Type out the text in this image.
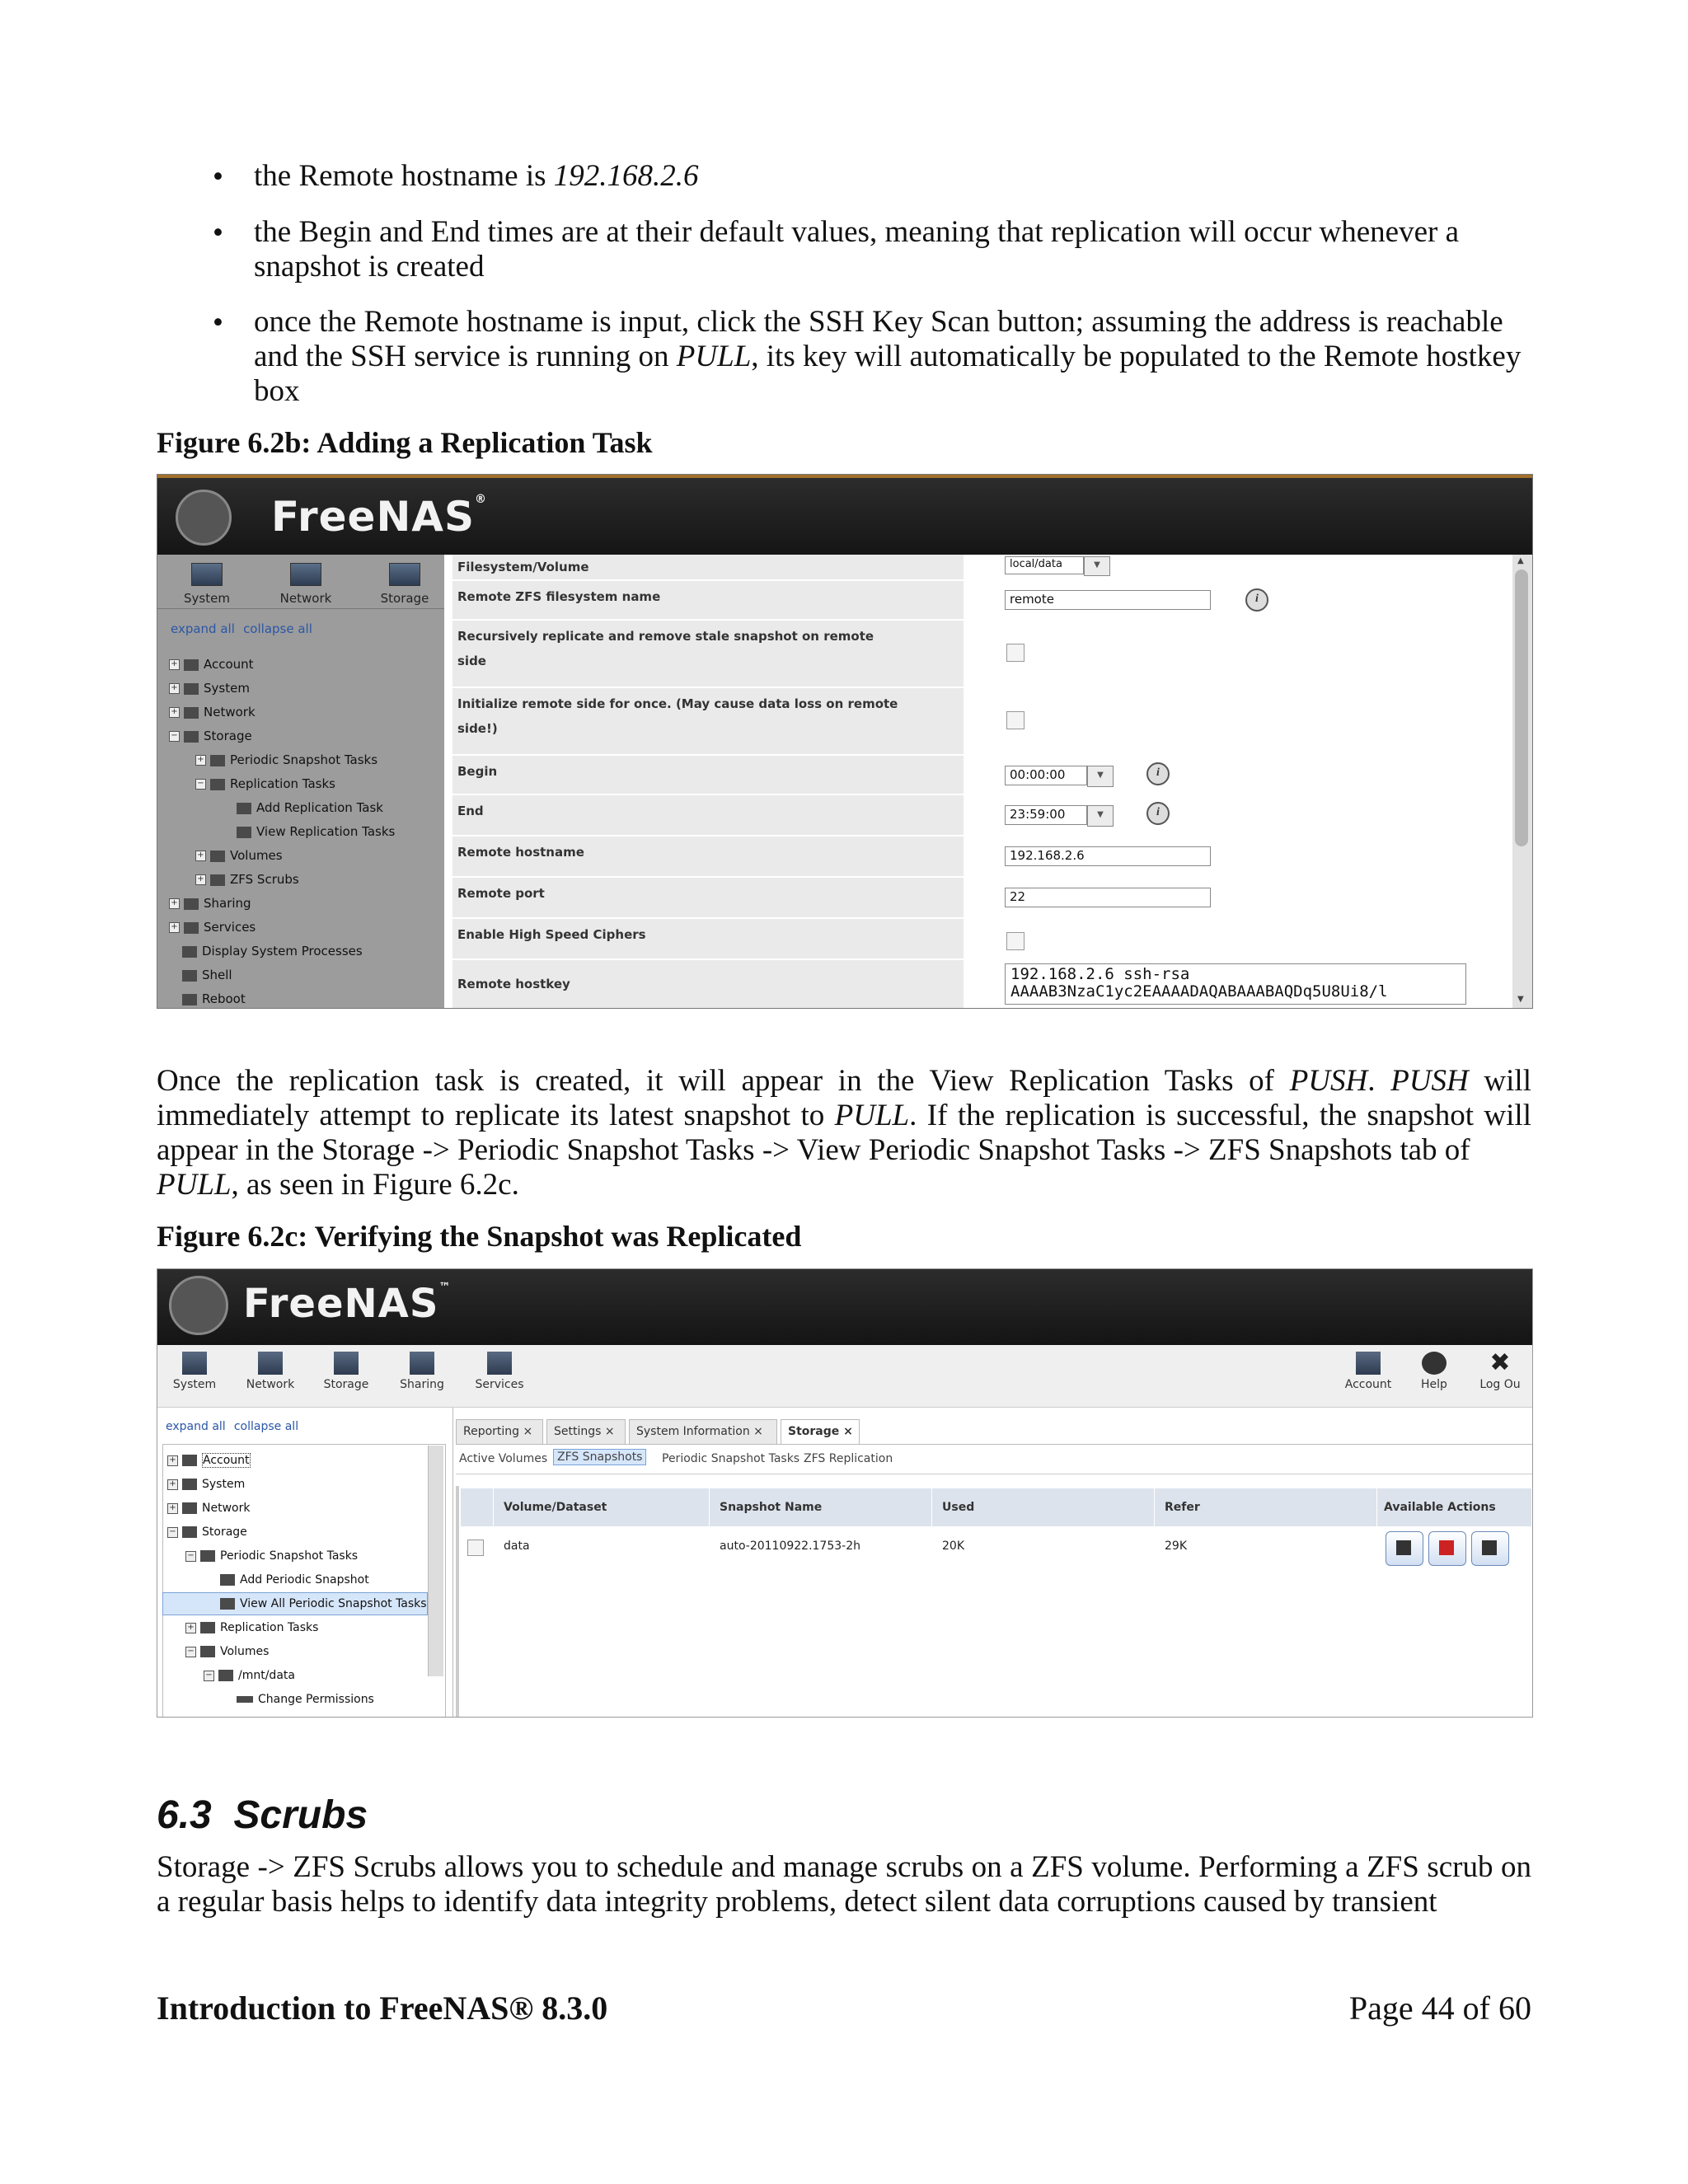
• the Remote hostname is 192.168.2.6
• the Begin and End times are at their default values, meaning that replication will occur whenever a
snapshot is created
• once the Remote hostname is input, click the SSH Key Scan button; assuming the address is reachable
and the SSH service is running on PULL, its key will automatically be populated to the Remote hostkey
box
Figure 6.2b: Adding a Replication Task
FreeNAS®
System	Network	Storage
expand all collapse all
+ Account
+ System
+ Network
− Storage
+ Periodic Snapshot Tasks
− Replication Tasks
Add Replication Task
View Replication Tasks
+ Volumes
+ ZFS Scrubs
+ Sharing
+ Services
Display System Processes
Shell
Reboot
Filesystem/Volume	local/data	▼
Remote ZFS filesystem name	remote	i
Recursively replicate and remove stale snapshot on remote
side
Initialize remote side for once. (May cause data loss on remote
side!)
Begin	00:00:00	▼	i
End	23:59:00	▼	i
Remote hostname	192.168.2.6
Remote port	22
Enable High Speed Ciphers
Remote hostkey
192.168.2.6 ssh-rsa
AAAAB3NzaC1yc2EAAAADAQABAAABAQDq5U8Ui8/l
▲
▼
Once the replication task is created, it will appear in the View Replication Tasks of PUSH. PUSH will immediately attempt to replicate its latest snapshot to PULL. If the replication is successful, the snapshot will appear in the Storage -> Periodic Snapshot Tasks -> View Periodic Snapshot Tasks -> ZFS Snapshots tab of
PULL, as seen in Figure 6.2c.
Figure 6.2c: Verifying the Snapshot was Replicated
FreeNAS™
System	Network	Storage	Sharing	Services	Account	Help
✖
Log Ou
expand all collapse all
+ Account
+ System
+ Network
− Storage
− Periodic Snapshot Tasks
Add Periodic Snapshot
View All Periodic Snapshot Tasks
+ Replication Tasks
− Volumes
− /mnt/data
Change Permissions
Reporting ×	Settings ×	System Information ×	Storage ×
Active Volumes ZFS Snapshots	Periodic Snapshot Tasks ZFS Replication
Volume/Dataset	Snapshot Name	Used	Refer	Available Actions
data	auto-20110922.1753-2h	20K	29K
6.3 Scrubs
Storage -> ZFS Scrubs allows you to schedule and manage scrubs on a ZFS volume. Performing a ZFS scrub on a regular basis helps to identify data integrity problems, detect silent data corruptions caused by transient
Introduction to FreeNAS® 8.3.0	Page 44 of 60
